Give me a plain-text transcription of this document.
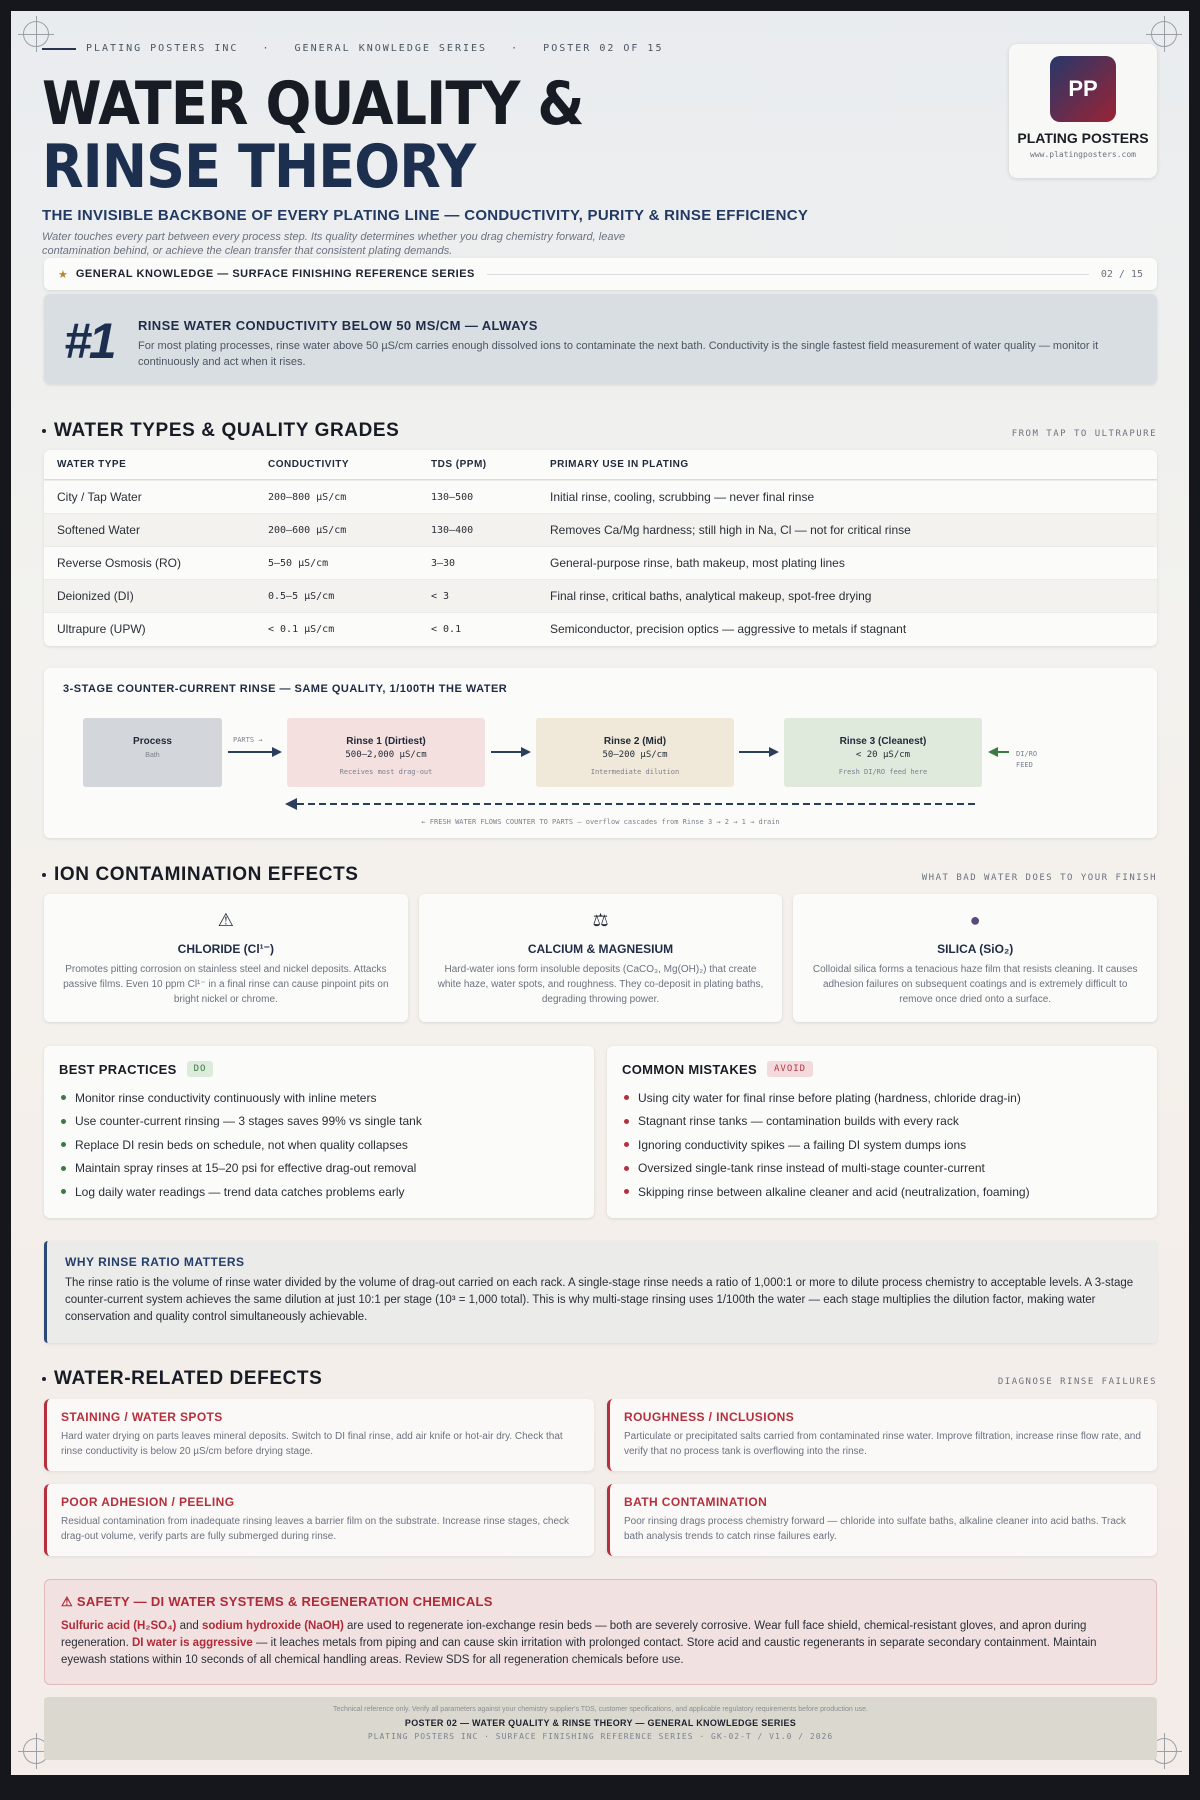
PLATING POSTERS INC   ·   GENERAL KNOWLEDGE SERIES   ·   POSTER 02 OF 15
WATER QUALITY &
RINSE THEORY
THE INVISIBLE BACKBONE OF EVERY PLATING LINE — CONDUCTIVITY, PURITY & RINSE EFFICIENCY
Water touches every part between every process step. Its quality determines whether you drag chemistry forward, leave contamination behind, or achieve the clean transfer that consistent plating demands.
PP
PLATING POSTERS
www.platingposters.com
★ GENERAL KNOWLEDGE — SURFACE FINISHING REFERENCE SERIES	02 / 15
#1 RINSE WATER CONDUCTIVITY BELOW 50 MS/CM — ALWAYS
For most plating processes, rinse water above 50 µS/cm carries enough dissolved ions to contaminate the next bath. Conductivity is the single fastest field measurement of water quality — monitor it continuously and act when it rises.
WATER TYPES & QUALITY GRADES	FROM TAP TO ULTRAPURE
WATER TYPE	CONDUCTIVITY	TDS (PPM)	PRIMARY USE IN PLATING
City / Tap Water	200–800 µS/cm	130–500	Initial rinse, cooling, scrubbing — never final rinse
Softened Water	200–600 µS/cm	130–400	Removes Ca/Mg hardness; still high in Na, Cl — not for critical rinse
Reverse Osmosis (RO)	5–50 µS/cm	3–30	General-purpose rinse, bath makeup, most plating lines
Deionized (DI)	0.5–5 µS/cm	< 3	Final rinse, critical baths, analytical makeup, spot-free drying
Ultrapure (UPW)	< 0.1 µS/cm	< 0.1	Semiconductor, precision optics — aggressive to metals if stagnant
3-STAGE COUNTER-CURRENT RINSE — SAME QUALITY, 1/100TH THE WATER
Process
Bath
Rinse 1 (Dirtiest)
500–2,000 µS/cm
Receives most drag-out
Rinse 2 (Mid)
50–200 µS/cm
Intermediate dilution
Rinse 3 (Cleanest)
< 20 µS/cm
Fresh DI/RO feed here
PARTS →
DI/RO FEED
← FRESH WATER FLOWS COUNTER TO PARTS — overflow cascades from Rinse 3 → 2 → 1 → drain
ION CONTAMINATION EFFECTS	WHAT BAD WATER DOES TO YOUR FINISH
⚠
CHLORIDE (Cl¹⁻)
Promotes pitting corrosion on stainless steel and nickel deposits. Attacks passive films. Even 10 ppm Cl¹⁻ in a final rinse can cause pinpoint pits on bright nickel or chrome.
⚖
CALCIUM & MAGNESIUM
Hard-water ions form insoluble deposits (CaCO₃, Mg(OH)₂) that create white haze, water spots, and roughness. They co-deposit in plating baths, degrading throwing power.
●
SILICA (SiO₂)
Colloidal silica forms a tenacious haze film that resists cleaning. It causes adhesion failures on subsequent coatings and is extremely difficult to remove once dried onto a surface.
BEST PRACTICES	DO
Monitor rinse conductivity continuously with inline meters
Use counter-current rinsing — 3 stages saves 99% vs single tank
Replace DI resin beds on schedule, not when quality collapses
Maintain spray rinses at 15–20 psi for effective drag-out removal
Log daily water readings — trend data catches problems early
COMMON MISTAKES	AVOID
Using city water for final rinse before plating (hardness, chloride drag-in)
Stagnant rinse tanks — contamination builds with every rack
Ignoring conductivity spikes — a failing DI system dumps ions
Oversized single-tank rinse instead of multi-stage counter-current
Skipping rinse between alkaline cleaner and acid (neutralization, foaming)
WHY RINSE RATIO MATTERS
The rinse ratio is the volume of rinse water divided by the volume of drag-out carried on each rack. A single-stage rinse needs a ratio of 1,000:1 or more to dilute process chemistry to acceptable levels. A 3-stage counter-current system achieves the same dilution at just 10:1 per stage (10³ = 1,000 total). This is why multi-stage rinsing uses 1/100th the water — each stage multiplies the dilution factor, making water conservation and quality control simultaneously achievable.
WATER-RELATED DEFECTS	DIAGNOSE RINSE FAILURES
STAINING / WATER SPOTS
Hard water drying on parts leaves mineral deposits. Switch to DI final rinse, add air knife or hot-air dry. Check that rinse conductivity is below 20 µS/cm before drying stage.
ROUGHNESS / INCLUSIONS
Particulate or precipitated salts carried from contaminated rinse water. Improve filtration, increase rinse flow rate, and verify that no process tank is overflowing into the rinse.
POOR ADHESION / PEELING
Residual contamination from inadequate rinsing leaves a barrier film on the substrate. Increase rinse stages, check drag-out volume, verify parts are fully submerged during rinse.
BATH CONTAMINATION
Poor rinsing drags process chemistry forward — chloride into sulfate baths, alkaline cleaner into acid baths. Track bath analysis trends to catch rinse failures early.
⚠ SAFETY — DI WATER SYSTEMS & REGENERATION CHEMICALS
Sulfuric acid (H₂SO₄) and sodium hydroxide (NaOH) are used to regenerate ion-exchange resin beds — both are severely corrosive. Wear full face shield, chemical-resistant gloves, and apron during regeneration. DI water is aggressive — it leaches metals from piping and can cause skin irritation with prolonged contact. Store acid and caustic regenerants in separate secondary containment. Maintain eyewash stations within 10 seconds of all chemical handling areas. Review SDS for all regeneration chemicals before use.
Technical reference only. Verify all parameters against your chemistry supplier's TDS, customer specifications, and applicable regulatory requirements before production use.
POSTER 02 — WATER QUALITY & RINSE THEORY — GENERAL KNOWLEDGE SERIES
PLATING POSTERS INC · SURFACE FINISHING REFERENCE SERIES · GK-02-T / V1.0 / 2026
